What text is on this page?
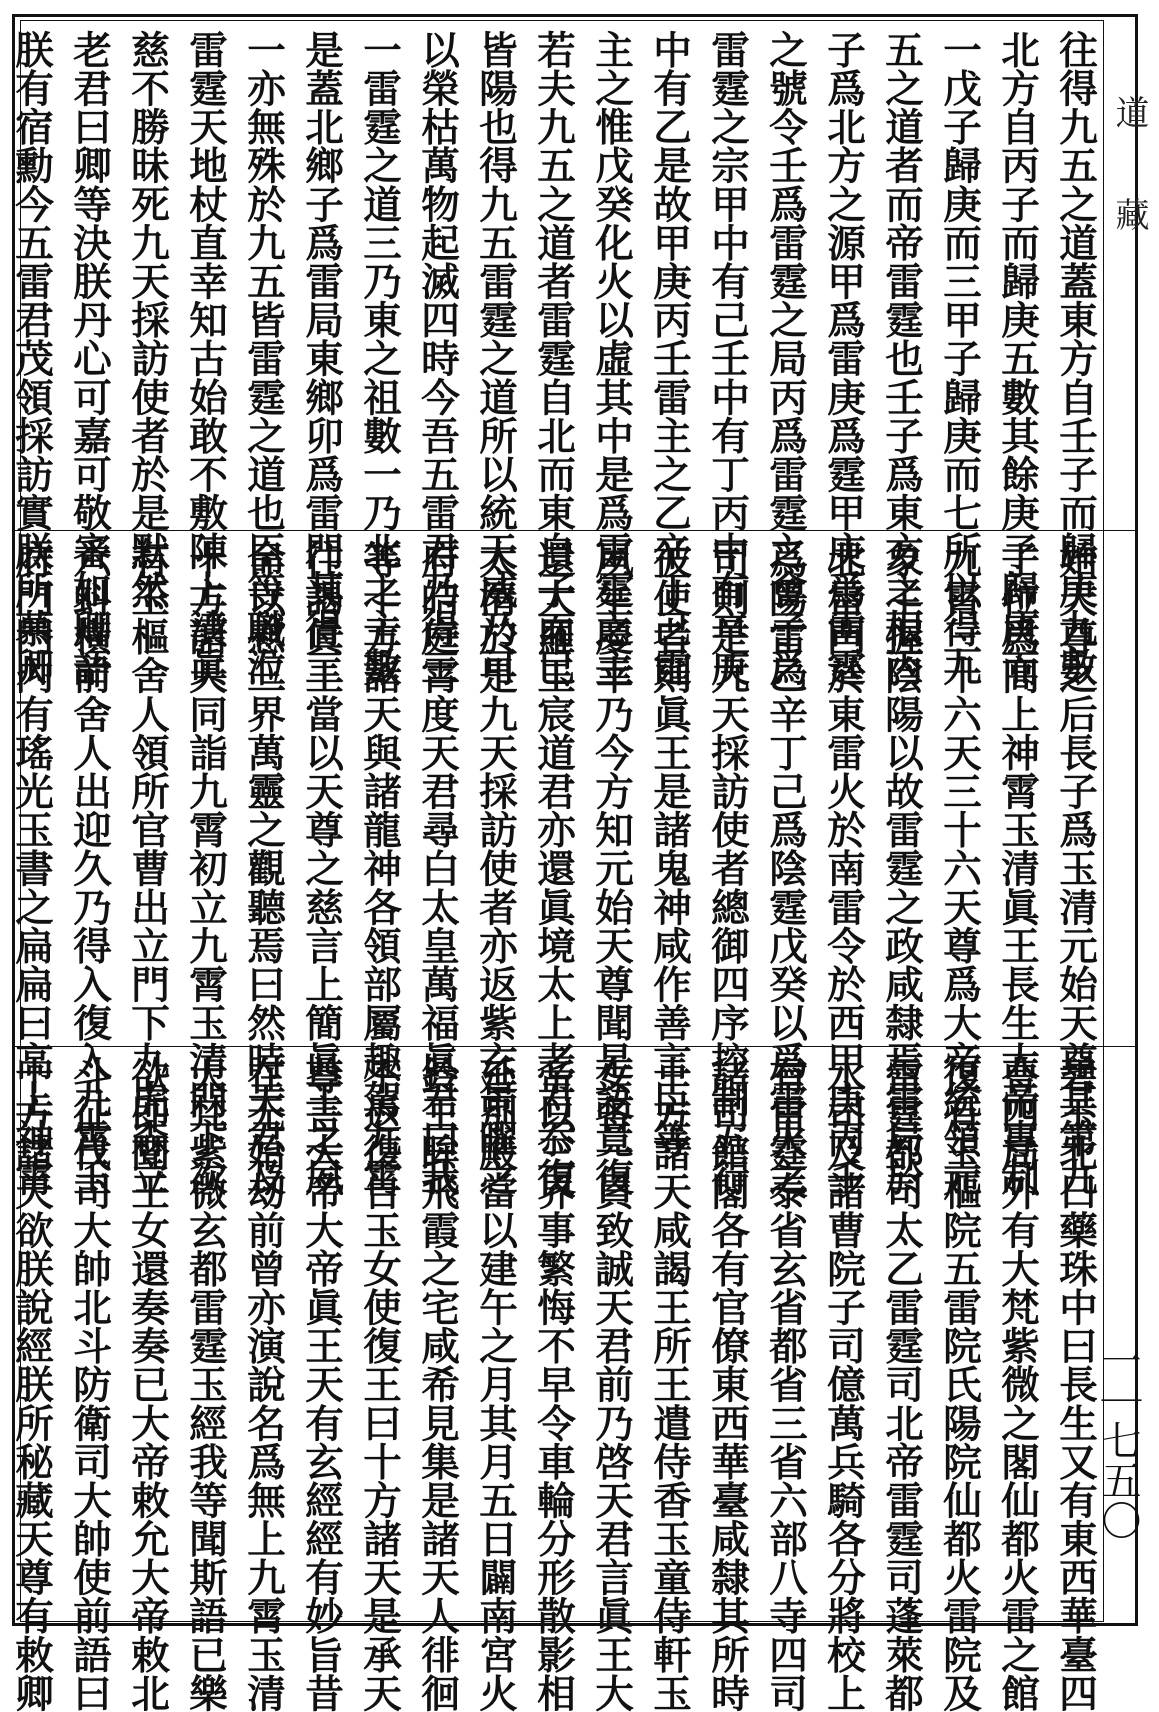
往得九五之道蓋東方自壬子而歸庚九數
北方自丙子而歸庚五數其餘庚子歸庚而
一戊子歸庚而三甲子歸庚而七所以得九
五之道者而帝雷霆也壬子爲東方之根丙
子爲北方之源甲爲雷庚爲霆甲庚爲雷霆
之號令壬爲雷霆之局丙爲雷霆之會子爲
雷霆之宗甲中有己壬中有丁丙中有辛庚
中有乙是故甲庚丙壬雷主之乙辛丁己霆
主之惟戊癸化火以虛其中是爲雷霆之主
若夫九五之道者雷霆自北而東自子而巳
皆陽也得九五雷霆之道所以統天威乃可
以榮枯萬物起滅四時今吾五雷君乃得三
一雷霆之道三乃東之祖數一乃北之主數
是蓋北鄉子爲雷局東鄉卯爲雷門其得三
一亦無殊於九五皆雷霆之道也臣等職涖
雷霆天地杖直幸知古始敢不敷陳上濆眞
慈不勝昧死九天採訪使者於是默然
老君曰卿等決朕丹心可嘉可敬審如卿語
朕有宿勳今五雷君茂領採訪實朕所慕卿

始天尊之后長子爲玉清元始天尊其第九
子位爲高上神霄玉清眞王長生大帝專制
九霄三十六天三十六天尊爲大帝統領元
象主握陰陽以故雷霆之政咸隸焉雷局於
北雷門於東雷火於南雷令於西甲庚丙壬
爲陽雷乙辛丁己爲陰霆戊癸以爲雷火之
司則是九天採訪使者總御四序控制五行
彼使者則眞王是諸鬼神咸作善言臣等
夙生慶幸乃今方知元始天尊聞是語竟復
還大羅玉宸道君亦還眞境太上老君忝復
太清於是九天採訪使者亦返紫玄景曜之
府皓庭霄度天君尋白太皇萬福眞君曰我
等十方諸天與諸龍神各領部屬趣駕九霄
往謁眞王當以天尊之慈言上簡眞王之夙
命以慰三界萬靈之觀聽焉曰然時天君及
十方諸天同詣九霄初立九霄玉清門下次
有玉樞舍人領所官曹出立門下九虎森立
六蚪橫前舍人出迎久乃得入復入九霄玉
府門門內有瑤光玉書之扁扁曰高上神霄

碧玉北曰藥珠中曰長生又有東西華臺四
曹四局外有大梵紫微之閣仙都火雷之館
復有玉樞院五雷院氏陽院仙都火雷院及
雷霆都司太乙雷霆司北帝雷霆司蓬萊都
水司及諸曹院子司億萬兵騎各分將校上
有雷霆泰省玄省都省三省六部八寺四司
諸司館閣各有官僚東西華臺咸隸其所時
十方諸天咸謁王所王遣侍香玉童侍軒玉
女各一員致誠天君前乃啓天君言眞王大
帝以三界事繁悔不早令車輪分形散影相
延別殿當以建午之月其月五日闢南宮火
鈴王眸飛霞之宅咸希見集是諸天人徘徊
不返復告玉女使復王曰十方諸天是承天
尊言大帝大帝眞王天有玄經經有妙旨昔
在无始刼前曾亦演說名爲無上九霄玉清
大梵紫微玄都雷霆玉經我等聞斯語已樂
欲即聞王女還奏奏已大帝敕允大帝敕北
斗征伐司大帥北斗防衛司大帥使前語曰
十方諸天欲朕說經朕所秘藏天尊有敕卿

道　　藏
一｜七五〇
